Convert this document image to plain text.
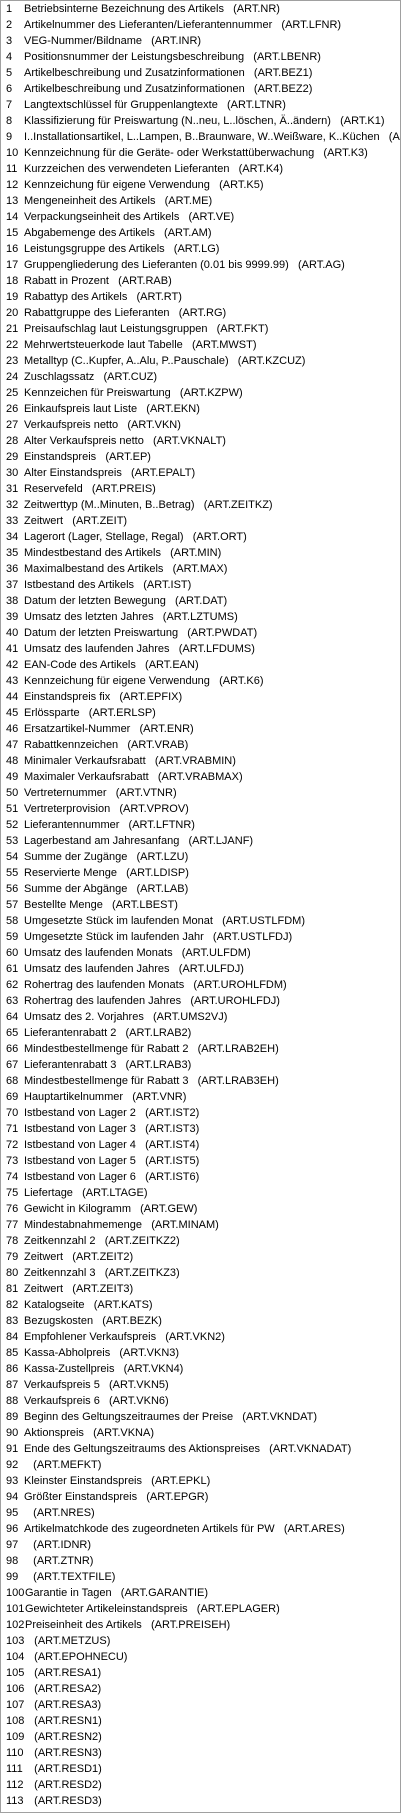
1 Betriebsinterne Bezeichnung des Artikels   (ART.NR)
2 Artikelnummer des Lieferanten/Lieferantennummer   (ART.LFNR)
3 VEG-Nummer/Bildname   (ART.INR)
4 Positionsnummer der Leistungsbeschreibung   (ART.LBENR)
5 Artikelbeschreibung und Zusatzinformationen   (ART.BEZ1)
6 Artikelbeschreibung und Zusatzinformationen   (ART.BEZ2)
7 Langtextschlüssel für Gruppenlangtexte   (ART.LTNR)
8 Klassifizierung für Preiswartung (N..neu, L..löschen, Ä..ändern)   (ART.K1)
9 I..Installationsartikel, L..Lampen, B..Braunware, W..Weißware, K..Küchen   (A
10 Kennzeichnung für die Geräte- oder Werkstattüberwachung   (ART.K3)
11 Kurzzeichen des verwendeten Lieferanten   (ART.K4)
12 Kennzeichung für eigene Verwendung   (ART.K5)
13 Mengeneinheit des Artikels   (ART.ME)
14 Verpackungseinheit des Artikels   (ART.VE)
15 Abgabemenge des Artikels   (ART.AM)
16 Leistungsgruppe des Artikels   (ART.LG)
17 Gruppengliederung des Lieferanten (0.01 bis 9999.99)   (ART.AG)
18 Rabatt in Prozent   (ART.RAB)
19 Rabattyp des Artikels   (ART.RT)
20 Rabattgruppe des Lieferanten   (ART.RG)
21 Preisaufschlag laut Leistungsgruppen   (ART.FKT)
22 Mehrwertsteuerkode laut Tabelle   (ART.MWST)
23 Metalltyp (C..Kupfer, A..Alu, P..Pauschale)   (ART.KZCUZ)
24 Zuschlagssatz   (ART.CUZ)
25 Kennzeichen für Preiswartung   (ART.KZPW)
26 Einkaufspreis laut Liste   (ART.EKN)
27 Verkaufspreis netto   (ART.VKN)
28 Alter Verkaufspreis netto   (ART.VKNALT)
29 Einstandspreis   (ART.EP)
30 Alter Einstandspreis   (ART.EPALT)
31 Reservefeld   (ART.PREIS)
32 Zeitwerttyp (M..Minuten, B..Betrag)   (ART.ZEITKZ)
33 Zeitwert   (ART.ZEIT)
34 Lagerort (Lager, Stellage, Regal)   (ART.ORT)
35 Mindestbestand des Artikels   (ART.MIN)
36 Maximalbestand des Artikels   (ART.MAX)
37 Istbestand des Artikels   (ART.IST)
38 Datum der letzten Bewegung   (ART.DAT)
39 Umsatz des letzten Jahres   (ART.LZTUMS)
40 Datum der letzten Preiswartung   (ART.PWDAT)
41 Umsatz des laufenden Jahres   (ART.LFDUMS)
42 EAN-Code des Artikels   (ART.EAN)
43 Kennzeichung für eigene Verwendung   (ART.K6)
44 Einstandspreis fix   (ART.EPFIX)
45 Erlössparte   (ART.ERLSP)
46 Ersatzartikel-Nummer   (ART.ENR)
47 Rabattkennzeichen   (ART.VRAB)
48 Minimaler Verkaufsrabatt   (ART.VRABMIN)
49 Maximaler Verkaufsrabatt   (ART.VRABMAX)
50 Vertreternummer   (ART.VTNR)
51 Vertreterprovision   (ART.VPROV)
52 Lieferantennummer   (ART.LFTNR)
53 Lagerbestand am Jahresanfang   (ART.LJANF)
54 Summe der Zugänge   (ART.LZU)
55 Reservierte Menge   (ART.LDISP)
56 Summe der Abgänge   (ART.LAB)
57 Bestellte Menge   (ART.LBEST)
58 Umgesetzte Stück im laufenden Monat   (ART.USTLFDM)
59 Umgesetzte Stück im laufenden Jahr   (ART.USTLFDJ)
60 Umsatz des laufenden Monats   (ART.ULFDM)
61 Umsatz des laufenden Jahres   (ART.ULFDJ)
62 Rohertrag des laufenden Monats   (ART.UROHLFDM)
63 Rohertrag des laufenden Jahres   (ART.UROHLFDJ)
64 Umsatz des 2. Vorjahres   (ART.UMS2VJ)
65 Lieferantenrabatt 2   (ART.LRAB2)
66 Mindestbestellmenge für Rabatt 2   (ART.LRAB2EH)
67 Lieferantenrabatt 3   (ART.LRAB3)
68 Mindestbestellmenge für Rabatt 3   (ART.LRAB3EH)
69 Hauptartikelnummer   (ART.VNR)
70 Istbestand von Lager 2   (ART.IST2)
71 Istbestand von Lager 3   (ART.IST3)
72 Istbestand von Lager 4   (ART.IST4)
73 Istbestand von Lager 5   (ART.IST5)
74 Istbestand von Lager 6   (ART.IST6)
75 Liefertage   (ART.LTAGE)
76 Gewicht in Kilogramm   (ART.GEW)
77 Mindestabnahmemenge   (ART.MINAM)
78 Zeitkennzahl 2   (ART.ZEITKZ2)
79 Zeitwert   (ART.ZEIT2)
80 Zeitkennzahl 3   (ART.ZEITKZ3)
81 Zeitwert   (ART.ZEIT3)
82 Katalogseite   (ART.KATS)
83 Bezugskosten   (ART.BEZK)
84 Empfohlener Verkaufspreis   (ART.VKN2)
85 Kassa-Abholpreis   (ART.VKN3)
86 Kassa-Zustellpreis   (ART.VKN4)
87 Verkaufspreis 5   (ART.VKN5)
88 Verkaufspreis 6   (ART.VKN6)
89 Beginn des Geltungszeitraumes der Preise   (ART.VKNDAT)
90 Aktionspreis   (ART.VKNA)
91 Ende des Geltungszeitraums des Aktionspreises   (ART.VKNADAT)
92 (ART.MEFKT)
93 Kleinster Einstandspreis   (ART.EPKL)
94 Größter Einstandspreis   (ART.EPGR)
95 (ART.NRES)
96 Artikelmatchkode des zugeordneten Artikels für PW   (ART.ARES)
97 (ART.IDNR)
98 (ART.ZTNR)
99 (ART.TEXTFILE)
100 Garantie in Tagen   (ART.GARANTIE)
101 Gewichteter Artikeleinstandspreis   (ART.EPLAGER)
102 Preiseinheit des Artikels   (ART.PREISEH)
103 (ART.METZUS)
104 (ART.EPOHNECU)
105 (ART.RESA1)
106 (ART.RESA2)
107 (ART.RESA3)
108 (ART.RESN1)
109 (ART.RESN2)
110 (ART.RESN3)
111 (ART.RESD1)
112 (ART.RESD2)
113 (ART.RESD3)
